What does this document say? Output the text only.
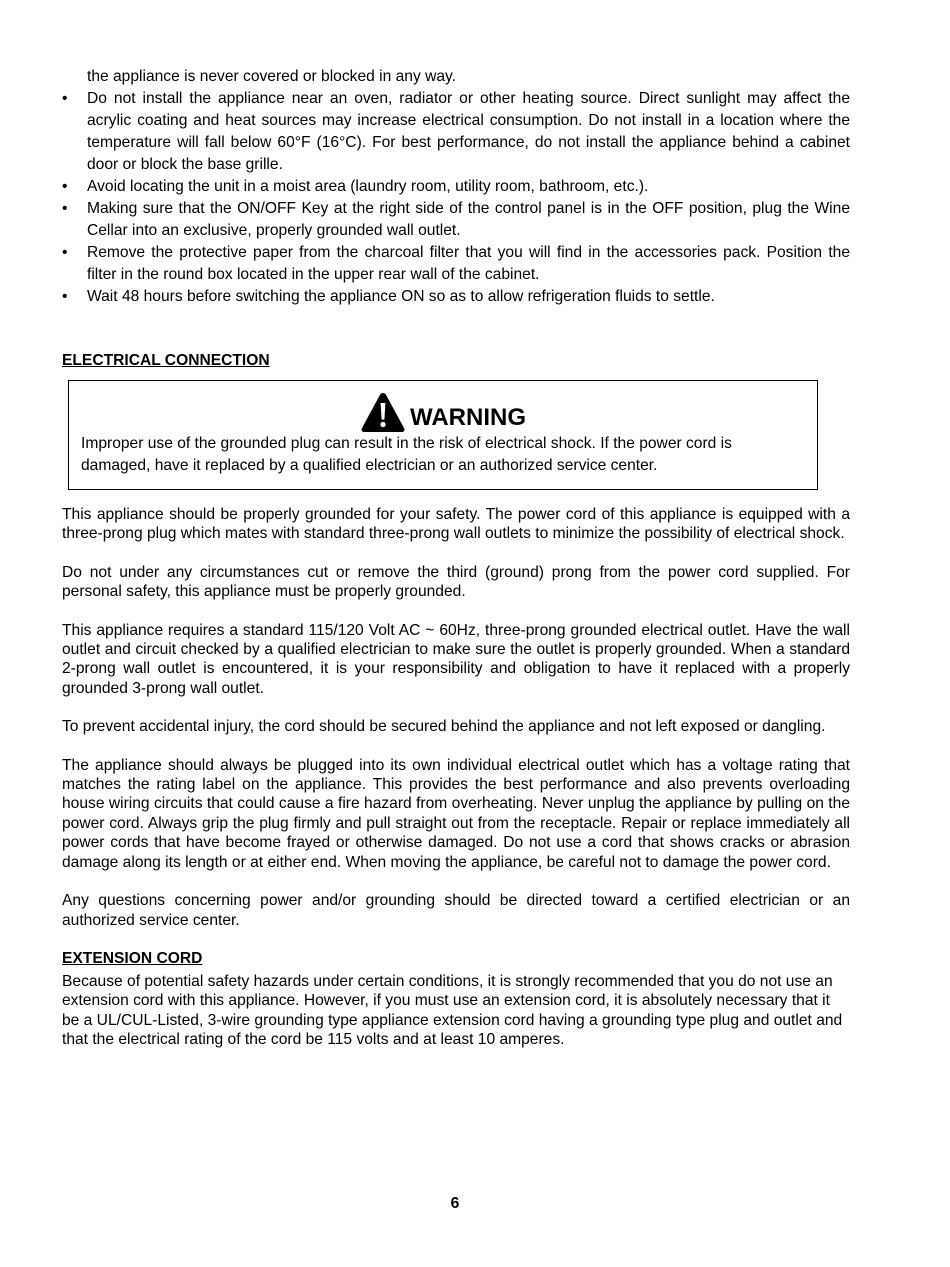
the appliance is never covered or blocked in any way.

• Do not install the appliance near an oven, radiator or other heating source. Direct sunlight may affect the acrylic coating and heat sources may increase electrical consumption. Do not install in a location where the temperature will fall below 60°F (16°C). For best performance, do not install the appliance behind a cabinet door or block the base grille.
• Avoid locating the unit in a moist area (laundry room, utility room, bathroom, etc.).
• Making sure that the ON/OFF Key at the right side of the control panel is in the OFF position, plug the Wine Cellar into an exclusive, properly grounded wall outlet.
• Remove the protective paper from the charcoal filter that you will find in the accessories pack. Position the filter in the round box located in the upper rear wall of the cabinet.
• Wait 48 hours before switching the appliance ON so as to allow refrigeration fluids to settle.
ELECTRICAL CONNECTION
WARNING

Improper use of the grounded plug can result in the risk of electrical shock. If the power cord is damaged, have it replaced by a qualified electrician or an authorized service center.

This appliance should be properly grounded for your safety. The power cord of this appliance is equipped with a three-prong plug which mates with standard three-prong wall outlets to minimize the possibility of electrical shock.

Do not under any circumstances cut or remove the third (ground) prong from the power cord supplied. For personal safety, this appliance must be properly grounded.

This appliance requires a standard 115/120 Volt AC ~ 60Hz, three-prong grounded electrical outlet. Have the wall outlet and circuit checked by a qualified electrician to make sure the outlet is properly grounded. When a standard 2-prong wall outlet is encountered, it is your responsibility and obligation to have it replaced with a properly grounded 3-prong wall outlet.

To prevent accidental injury, the cord should be secured behind the appliance and not left exposed or dangling.

The appliance should always be plugged into its own individual electrical outlet which has a voltage rating that matches the rating label on the appliance. This provides the best performance and also prevents overloading house wiring circuits that could cause a fire hazard from overheating. Never unplug the appliance by pulling on the power cord. Always grip the plug firmly and pull straight out from the receptacle. Repair or replace immediately all power cords that have become frayed or otherwise damaged. Do not use a cord that shows cracks or abrasion damage along its length or at either end. When moving the appliance, be careful not to damage the power cord.

Any questions concerning power and/or grounding should be directed toward a certified electrician or an authorized service center.

EXTENSION CORD

Because of potential safety hazards under certain conditions, it is strongly recommended that you do not use an extension cord with this appliance. However, if you must use an extension cord, it is absolutely necessary that it be a UL/CUL-Listed, 3-wire grounding type appliance extension cord having a grounding type plug and outlet and that the electrical rating of the cord be 115 volts and at least 10 amperes.

6
